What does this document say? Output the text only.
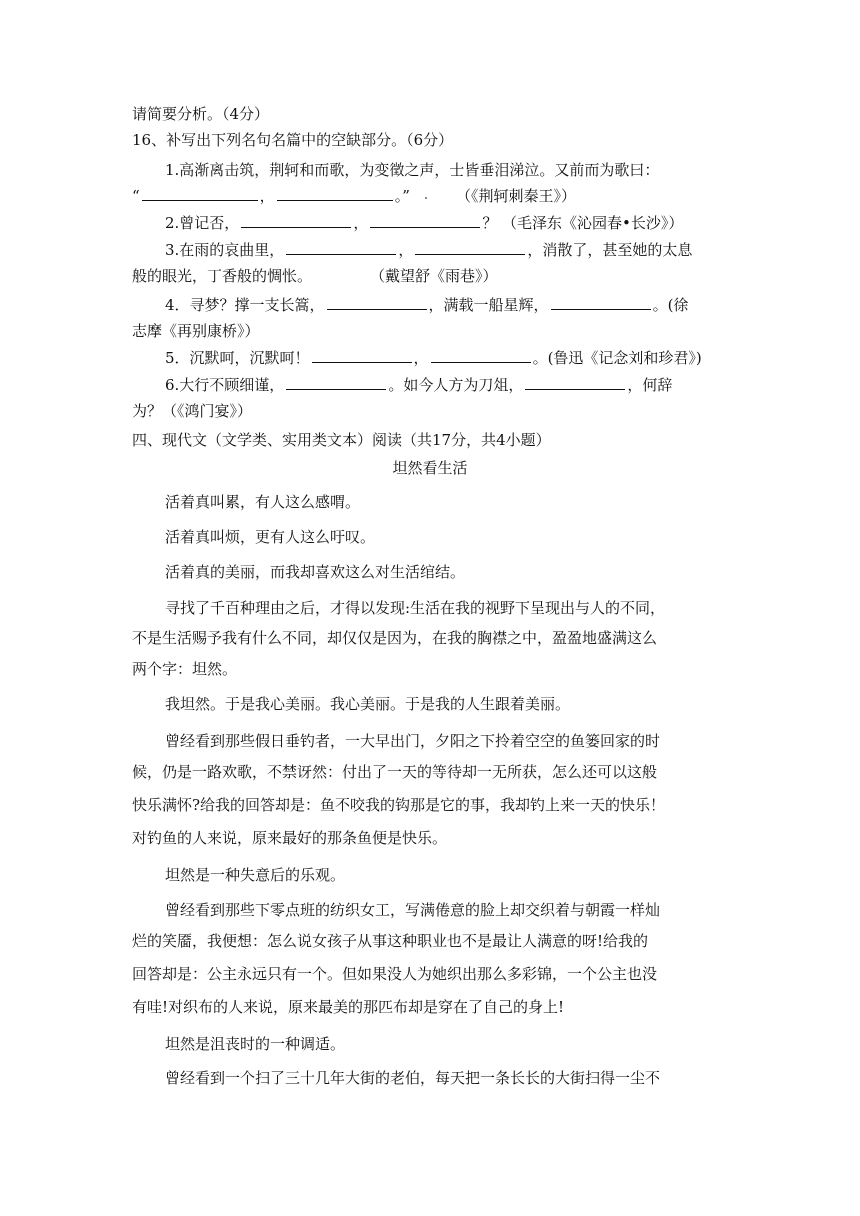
请简要分析。（4分）
16、补写出下列名句名篇中的空缺部分。（6分）
1.高渐离击筑，荆轲和而歌，为变徵之声，士皆垂泪涕泣。又前而为歌曰：
“	，	。”	（《荆轲刺秦王》）
2.曾记否，	，	？ （毛泽东《沁园春•长沙》）
3.在雨的哀曲里，	，	，消散了，甚至她的太息
般的眼光，丁香般的惆怅。	（戴望舒《雨巷》）
4．寻梦？撑一支长篙，	，满载一船星辉，	。(徐
志摩《再别康桥》）
5．沉默呵，沉默呵！	，	。(鲁迅《记念刘和珍君》)
6.大行不顾细谨，	。如今人方为刀俎，	，何辞
为？（《鸿门宴》）
四、现代文（文学类、实用类文本）阅读（共17分，共4小题）
坦然看生活
活着真叫累，有人这么感喟。
活着真叫烦，更有人这么吁叹。
活着真的美丽，而我却喜欢这么对生活绾结。
寻找了千百种理由之后，才得以发现:生活在我的视野下呈现出与人的不同，
不是生活赐予我有什么不同，却仅仅是因为，在我的胸襟之中，盈盈地盛满这么
两个字：坦然。
我坦然。于是我心美丽。我心美丽。于是我的人生跟着美丽。
曾经看到那些假日垂钓者，一大早出门，夕阳之下拎着空空的鱼篓回家的时
候，仍是一路欢歌，不禁讶然：付出了一天的等待却一无所获，怎么还可以这般
快乐满怀?给我的回答却是：鱼不咬我的钩那是它的事，我却钓上来一天的快乐！
对钓鱼的人来说，原来最好的那条鱼便是快乐。
坦然是一种失意后的乐观。
曾经看到那些下零点班的纺织女工，写满倦意的脸上却交织着与朝霞一样灿
烂的笑靥，我便想：怎么说女孩子从事这种职业也不是最让人满意的呀!给我的
回答却是：公主永远只有一个。但如果没人为她织出那么多彩锦，一个公主也没
有哇!对织布的人来说，原来最美的那匹布却是穿在了自己的身上!
坦然是沮丧时的一种调适。
曾经看到一个扫了三十几年大街的老伯，每天把一条长长的大街扫得一尘不
